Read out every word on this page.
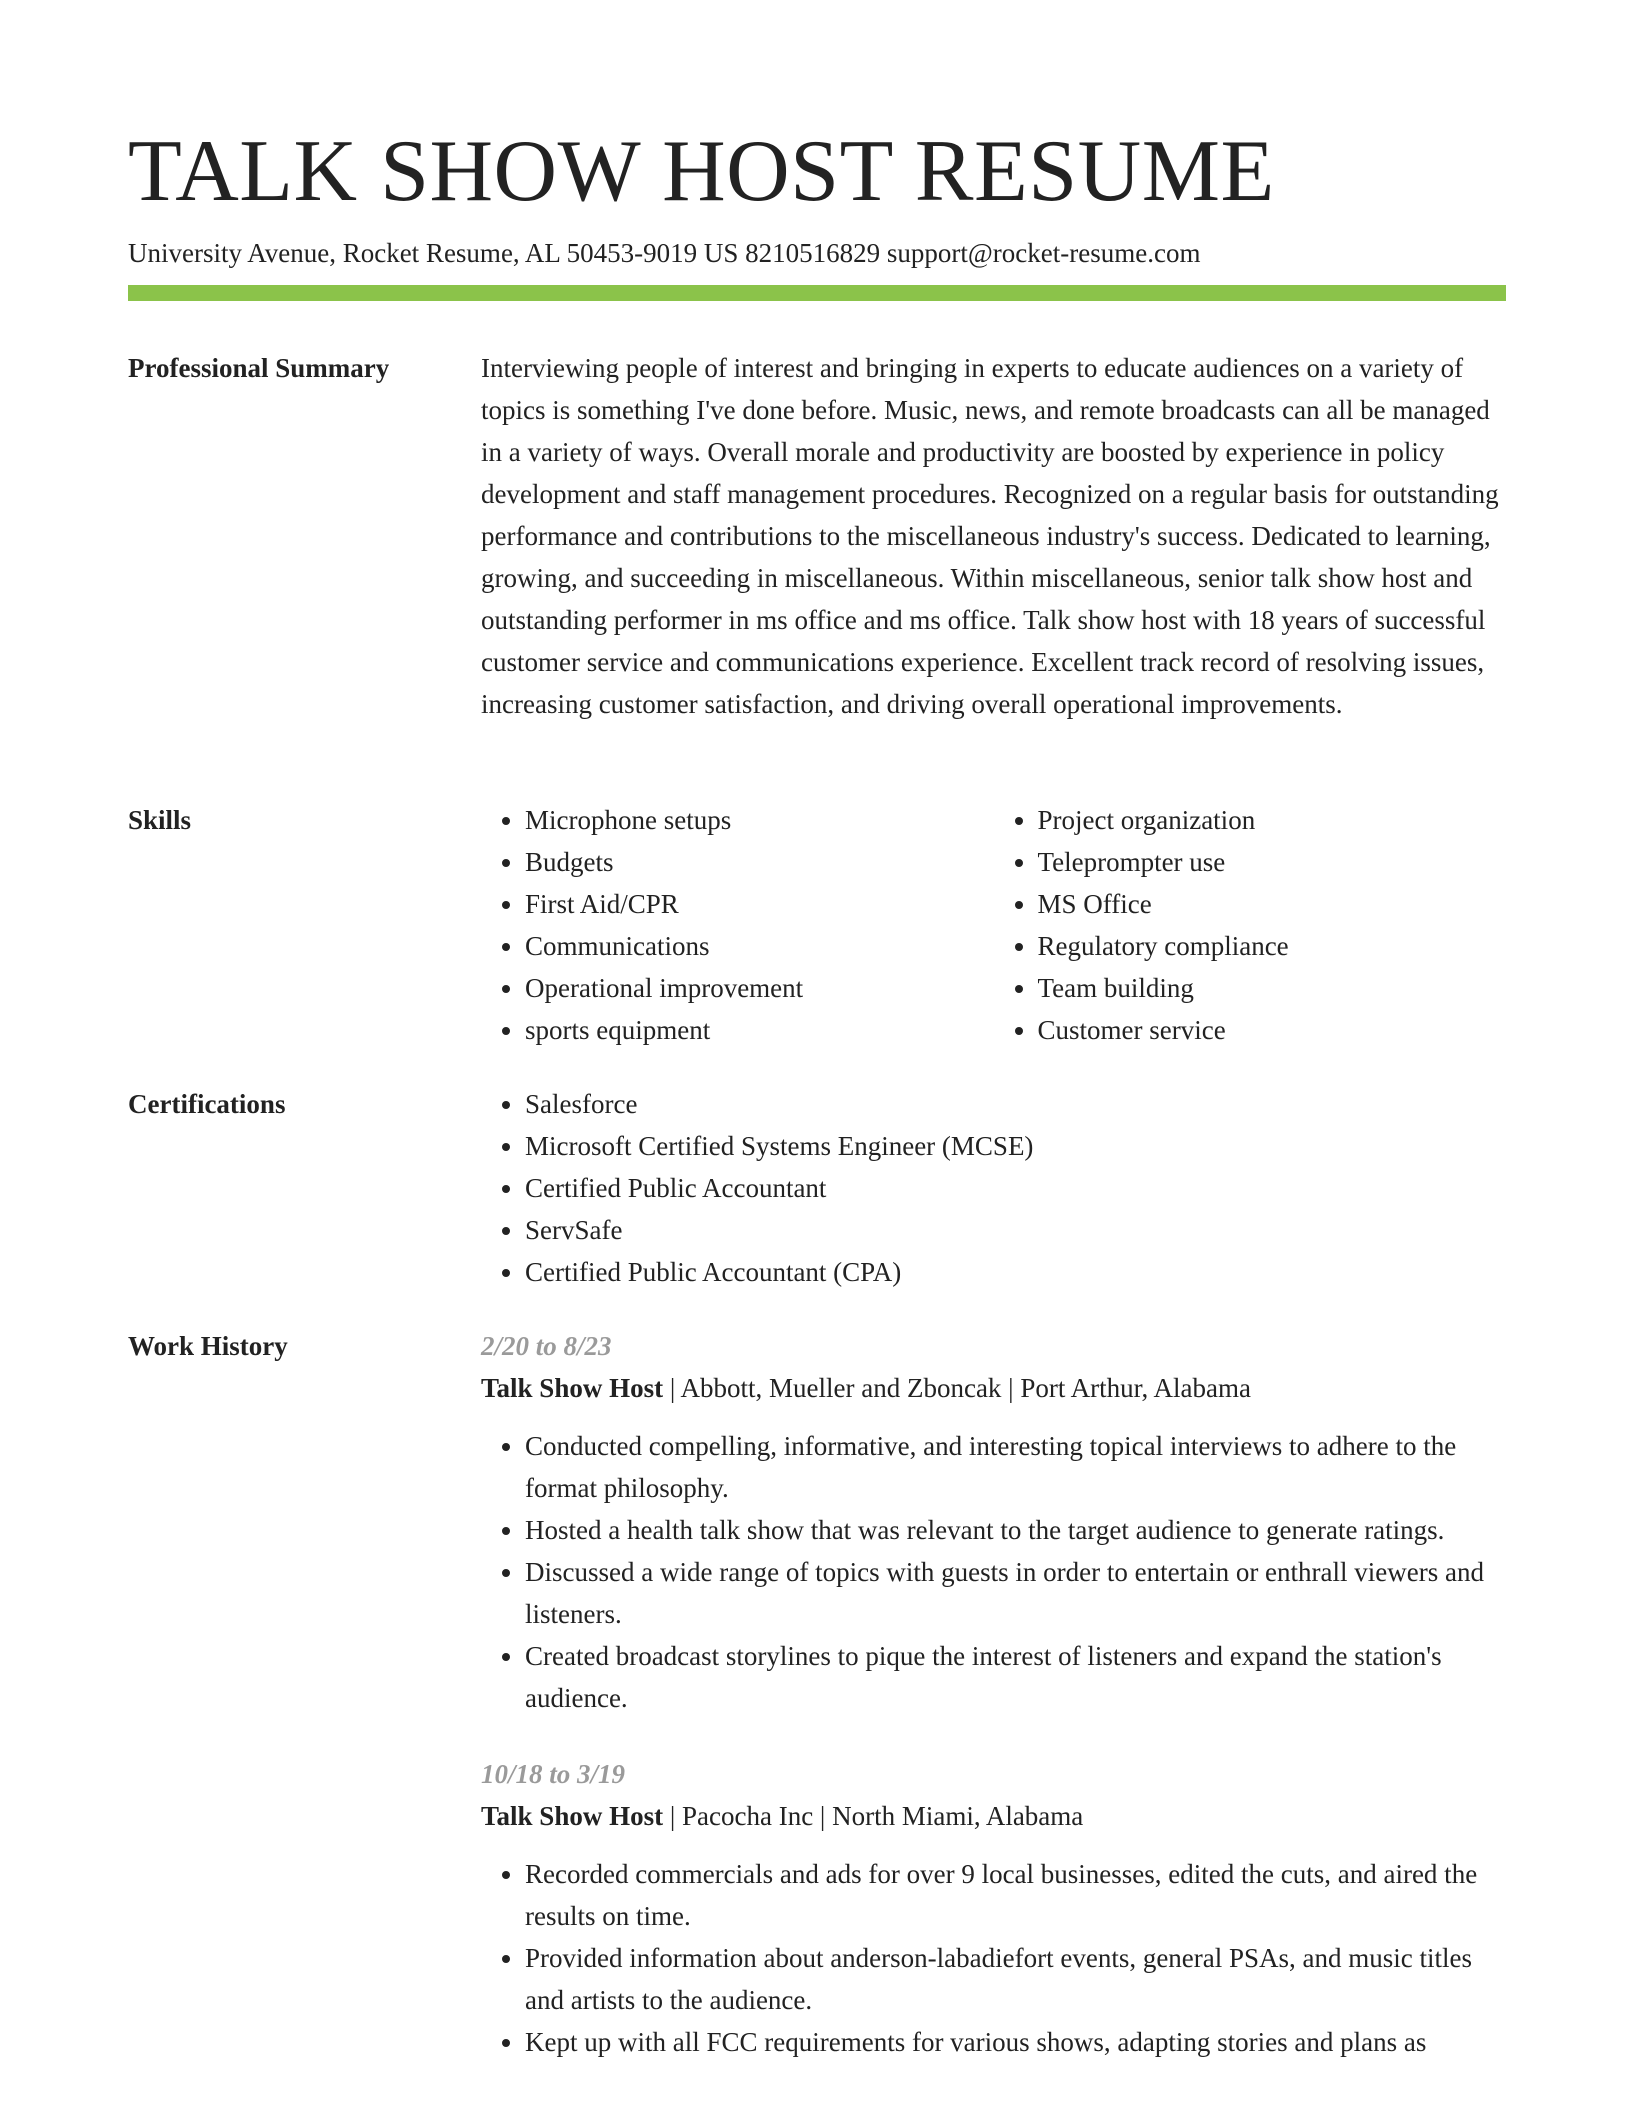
TALK SHOW HOST RESUME
University Avenue, Rocket Resume, AL 50453-9019 US 8210516829 support@rocket-resume.com
Professional Summary	Interviewing people of interest and bringing in experts to educate audiences on a variety of topics is something I've done before. Music, news, and remote broadcasts can all be managed in a variety of ways. Overall morale and productivity are boosted by experience in policy development and staff management procedures. Recognized on a regular basis for outstanding performance and contributions to the miscellaneous industry's success. Dedicated to learning, growing, and succeeding in miscellaneous. Within miscellaneous, senior talk show host and outstanding performer in ms office and ms office. Talk show host with 18 years of successful customer service and communications experience. Excellent track record of resolving issues, increasing customer satisfaction, and driving overall operational improvements.

Skills	• Microphone setups
• Budgets
• First Aid/CPR
• Communications
• Operational improvement
• sports equipment
• Project organization
• Teleprompter use
• MS Office
• Regulatory compliance
• Team building
• Customer service
Certifications	• Salesforce
• Microsoft Certified Systems Engineer (MCSE)
• Certified Public Accountant
• ServSafe
• Certified Public Accountant (CPA)
Work History	2/20 to 8/23
Talk Show Host | Abbott, Mueller and Zboncak | Port Arthur, Alabama
• Conducted compelling, informative, and interesting topical interviews to adhere to the format philosophy.
• Hosted a health talk show that was relevant to the target audience to generate ratings.
• Discussed a wide range of topics with guests in order to entertain or enthrall viewers and listeners.
• Created broadcast storylines to pique the interest of listeners and expand the station's audience.
10/18 to 3/19
Talk Show Host | Pacocha Inc | North Miami, Alabama
• Recorded commercials and ads for over 9 local businesses, edited the cuts, and aired the results on time.
• Provided information about anderson-labadiefort events, general PSAs, and music titles and artists to the audience.
• Kept up with all FCC requirements for various shows, adapting stories and plans as
